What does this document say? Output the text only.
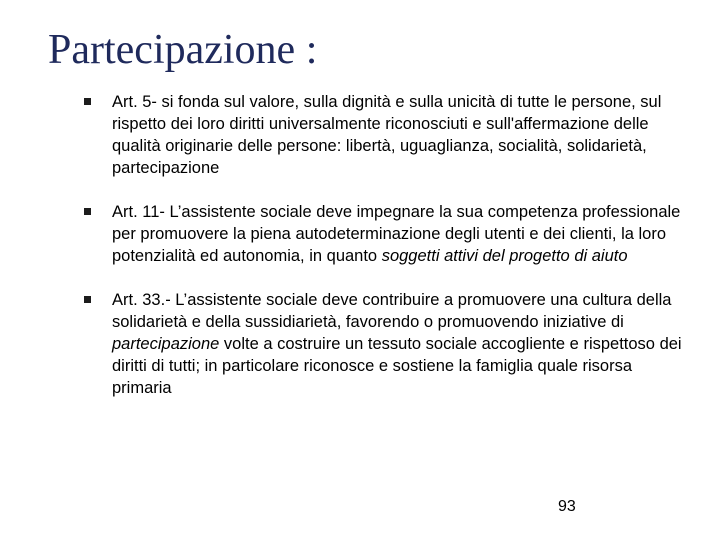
Partecipazione :
Art. 5- si fonda sul valore, sulla dignità e sulla unicità di tutte le persone, sul rispetto dei loro diritti universalmente riconosciuti e sull'affermazione delle qualità originarie delle persone: libertà, uguaglianza, socialità, solidarietà, partecipazione
Art. 11- L’assistente sociale deve impegnare la sua competenza professionale per promuovere la piena autodeterminazione degli utenti e dei clienti, la loro potenzialità ed autonomia, in quanto soggetti attivi del progetto di aiuto
Art. 33.- L’assistente sociale deve contribuire a promuovere una cultura della solidarietà e della sussidiarietà, favorendo o promuovendo iniziative di partecipazione volte a costruire un tessuto sociale accogliente e rispettoso dei diritti di tutti; in particolare riconosce e sostiene la famiglia quale risorsa primaria
93
